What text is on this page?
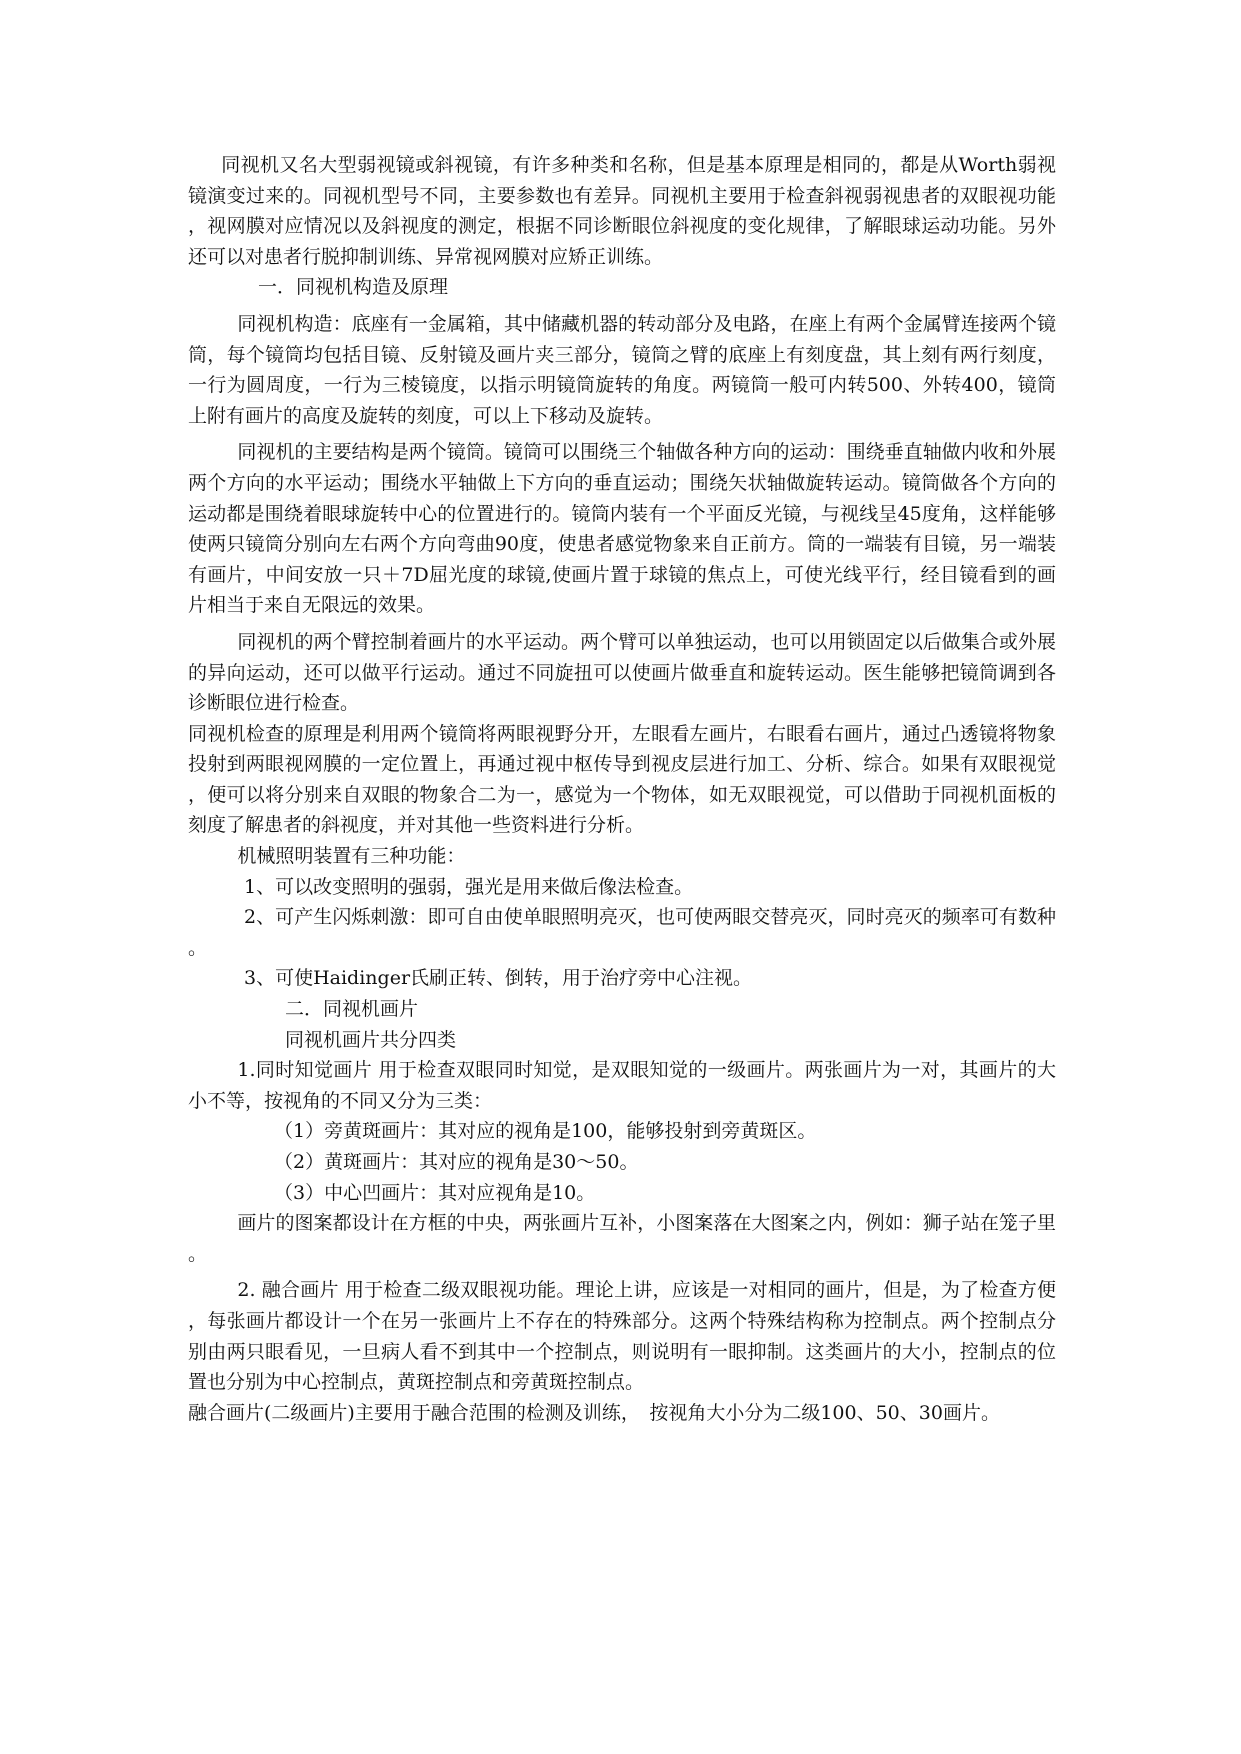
同视机又名大型弱视镜或斜视镜，有许多种类和名称，但是基本原理是相同的，都是从Worth弱视镜演变过来的。同视机型号不同，主要参数也有差异。同视机主要用于检查斜视弱视患者的双眼视功能，视网膜对应情况以及斜视度的测定，根据不同诊断眼位斜视度的变化规律，了解眼球运动功能。另外还可以对患者行脱抑制训练、异常视网膜对应矫正训练。

一．同视机构造及原理

同视机构造：底座有一金属箱，其中储藏机器的转动部分及电路，在座上有两个金属臂连接两个镜筒，每个镜筒均包括目镜、反射镜及画片夹三部分，镜筒之臂的底座上有刻度盘，其上刻有两行刻度，一行为圆周度，一行为三棱镜度，以指示明镜筒旋转的角度。两镜筒一般可内转500、外转400，镜筒上附有画片的高度及旋转的刻度，可以上下移动及旋转。

同视机的主要结构是两个镜筒。镜筒可以围绕三个轴做各种方向的运动：围绕垂直轴做内收和外展两个方向的水平运动；围绕水平轴做上下方向的垂直运动；围绕矢状轴做旋转运动。镜筒做各个方向的运动都是围绕着眼球旋转中心的位置进行的。镜筒内装有一个平面反光镜，与视线呈45度角，这样能够使两只镜筒分别向左右两个方向弯曲90度，使患者感觉物象来自正前方。筒的一端装有目镜，另一端装有画片，中间安放一只＋7D屈光度的球镜,使画片置于球镜的焦点上，可使光线平行，经目镜看到的画片相当于来自无限远的效果。

同视机的两个臂控制着画片的水平运动。两个臂可以单独运动，也可以用锁固定以后做集合或外展的异向运动，还可以做平行运动。通过不同旋扭可以使画片做垂直和旋转运动。医生能够把镜筒调到各诊断眼位进行检查。

同视机检查的原理是利用两个镜筒将两眼视野分开，左眼看左画片，右眼看右画片，通过凸透镜将物象投射到两眼视网膜的一定位置上，再通过视中枢传导到视皮层进行加工、分析、综合。如果有双眼视觉，便可以将分别来自双眼的物象合二为一，感觉为一个物体，如无双眼视觉，可以借助于同视机面板的刻度了解患者的斜视度，并对其他一些资料进行分析。

机械照明装置有三种功能：

1、可以改变照明的强弱，强光是用来做后像法检查。

2、可产生闪烁刺激：即可自由使单眼照明亮灭，也可使两眼交替亮灭，同时亮灭的频率可有数种。

3、可使Haidinger氏刷正转、倒转，用于治疗旁中心注视。

二．同视机画片

同视机画片共分四类

1.同时知觉画片 用于检查双眼同时知觉，是双眼知觉的一级画片。两张画片为一对，其画片的大小不等，按视角的不同又分为三类：

（1）旁黄斑画片：其对应的视角是100，能够投射到旁黄斑区。

（2）黄斑画片：其对应的视角是30～50。

（3）中心凹画片：其对应视角是10。

画片的图案都设计在方框的中央，两张画片互补，小图案落在大图案之内，例如：狮子站在笼子里。

2. 融合画片 用于检查二级双眼视功能。理论上讲，应该是一对相同的画片，但是，为了检查方便，每张画片都设计一个在另一张画片上不存在的特殊部分。这两个特殊结构称为控制点。两个控制点分别由两只眼看见，一旦病人看不到其中一个控制点，则说明有一眼抑制。这类画片的大小，控制点的位置也分别为中心控制点，黄斑控制点和旁黄斑控制点。

融合画片(二级画片)主要用于融合范围的检测及训练，　按视角大小分为二级100、50、30画片。
